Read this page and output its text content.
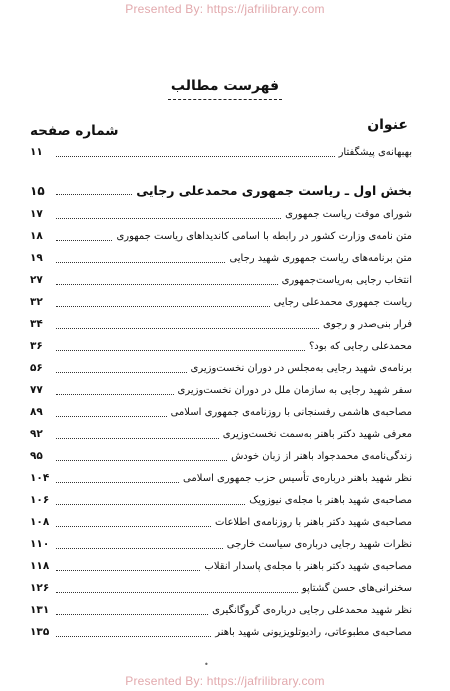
Presented By: https://jafrilibrary.com
فهرست مطالب
عنوان
شماره صفحه
بهبهانه‌ی پیشگفتار
۱۱
بخش اول ـ ریاست جمهوری محمدعلی رجایی
۱۵
شورای موقت ریاست جمهوری
۱۷
متن نامه‌ی وزارت کشور در رابطه با اسامی کاندیداهای ریاست جمهوری
۱۸
متن برنامه‌های ریاست جمهوری شهید رجایی
۱۹
انتخاب رجایی به‌ریاست‌جمهوری
۲۷
ریاست جمهوری محمدعلی رجایی
۳۲
فرار بنی‌صدر و رجوی
۳۴
محمدعلی رجایی که بود؟
۳۶
برنامه‌ی شهید رجایی به‌مجلس در دوران نخست‌وزیری
۵۶
سفر شهید رجایی به سازمان ملل در دوران نخست‌وزیری
۷۷
مصاحبه‌ی هاشمی رفسنجانی با روزنامه‌ی جمهوری اسلامی
۸۹
معرفی شهید دکتر باهنر به‌سمت نخست‌وزیری
۹۲
زندگی‌نامه‌ی محمدجواد باهنر از زبان خودش
۹۵
نظر شهید باهنر درباره‌ی تأسیس حزب جمهوری اسلامی
۱۰۴
مصاحبه‌ی شهید باهنر با مجله‌ی نیوزویک
۱۰۶
مصاحبه‌ی شهید دکتر باهنر با روزنامه‌ی اطلاعات
۱۰۸
نظرات شهید رجایی درباره‌ی سیاست خارجی
۱۱۰
مصاحبه‌ی شهید دکتر باهنر با مجله‌ی پاسدار انقلاب
۱۱۸
سخنرانی‌های حسن گشتاپو
۱۲۶
نظر شهید محمدعلی رجایی درباره‌ی گروگانگیری
۱۳۱
مصاحبه‌ی مطبوعاتی، رادیوتلویزیونی شهید باهنر
۱۳۵
•
Presented By: https://jafrilibrary.com
